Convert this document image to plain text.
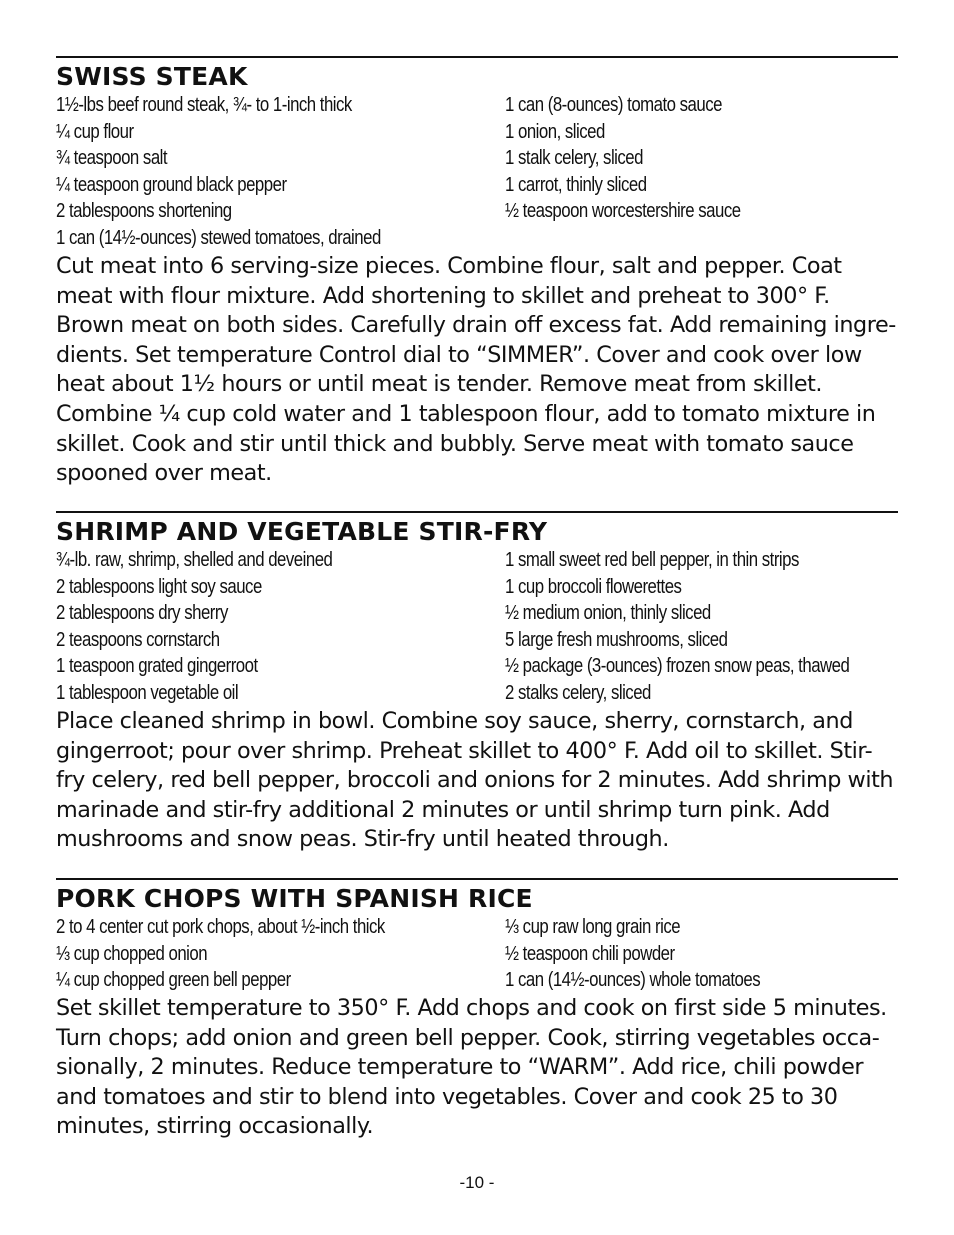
SWISS STEAK
1½-lbs beef round steak, ¾- to 1-inch thick
¼ cup flour
¾ teaspoon salt
¼ teaspoon ground black pepper
2 tablespoons shortening
1 can (14½-ounces) stewed tomatoes, drained
1 can (8-ounces) tomato sauce
1 onion, sliced
1 stalk celery, sliced
1 carrot, thinly sliced
½ teaspoon worcestershire sauce
Cut meat into 6 serving-size pieces. Combine flour, salt and pepper. Coat
meat with flour mixture. Add shortening to skillet and preheat to 300° F.
Brown meat on both sides. Carefully drain off excess fat. Add remaining ingre-
dients. Set temperature Control dial to “SIMMER”. Cover and cook over low
heat about 1½ hours or until meat is tender. Remove meat from skillet.
Combine ¼ cup cold water and 1 tablespoon flour, add to tomato mixture in
skillet. Cook and stir until thick and bubbly. Serve meat with tomato sauce
spooned over meat.
SHRIMP AND VEGETABLE STIR-FRY
¾-lb. raw, shrimp, shelled and deveined
2 tablespoons light soy sauce
2 tablespoons dry sherry
2 teaspoons cornstarch
1 teaspoon grated gingerroot
1 tablespoon vegetable oil
1 small sweet red bell pepper, in thin strips
1 cup broccoli flowerettes
½ medium onion, thinly sliced
5 large fresh mushrooms, sliced
½ package (3-ounces) frozen snow peas, thawed
2 stalks celery, sliced
Place cleaned shrimp in bowl. Combine soy sauce, sherry, cornstarch, and
gingerroot; pour over shrimp. Preheat skillet to 400° F. Add oil to skillet. Stir-
fry celery, red bell pepper, broccoli and onions for 2 minutes. Add shrimp with
marinade and stir-fry additional 2 minutes or until shrimp turn pink. Add
mushrooms and snow peas. Stir-fry until heated through.
PORK CHOPS WITH SPANISH RICE
2 to 4 center cut pork chops, about ½-inch thick
⅓ cup chopped onion
¼ cup chopped green bell pepper
⅓ cup raw long grain rice
½ teaspoon chili powder
1 can (14½-ounces) whole tomatoes
Set skillet temperature to 350° F. Add chops and cook on first side 5 minutes.
Turn chops; add onion and green bell pepper. Cook, stirring vegetables occa-
sionally, 2 minutes. Reduce temperature to “WARM”. Add rice, chili powder
and tomatoes and stir to blend into vegetables. Cover and cook 25 to 30
minutes, stirring occasionally.
-10 -
